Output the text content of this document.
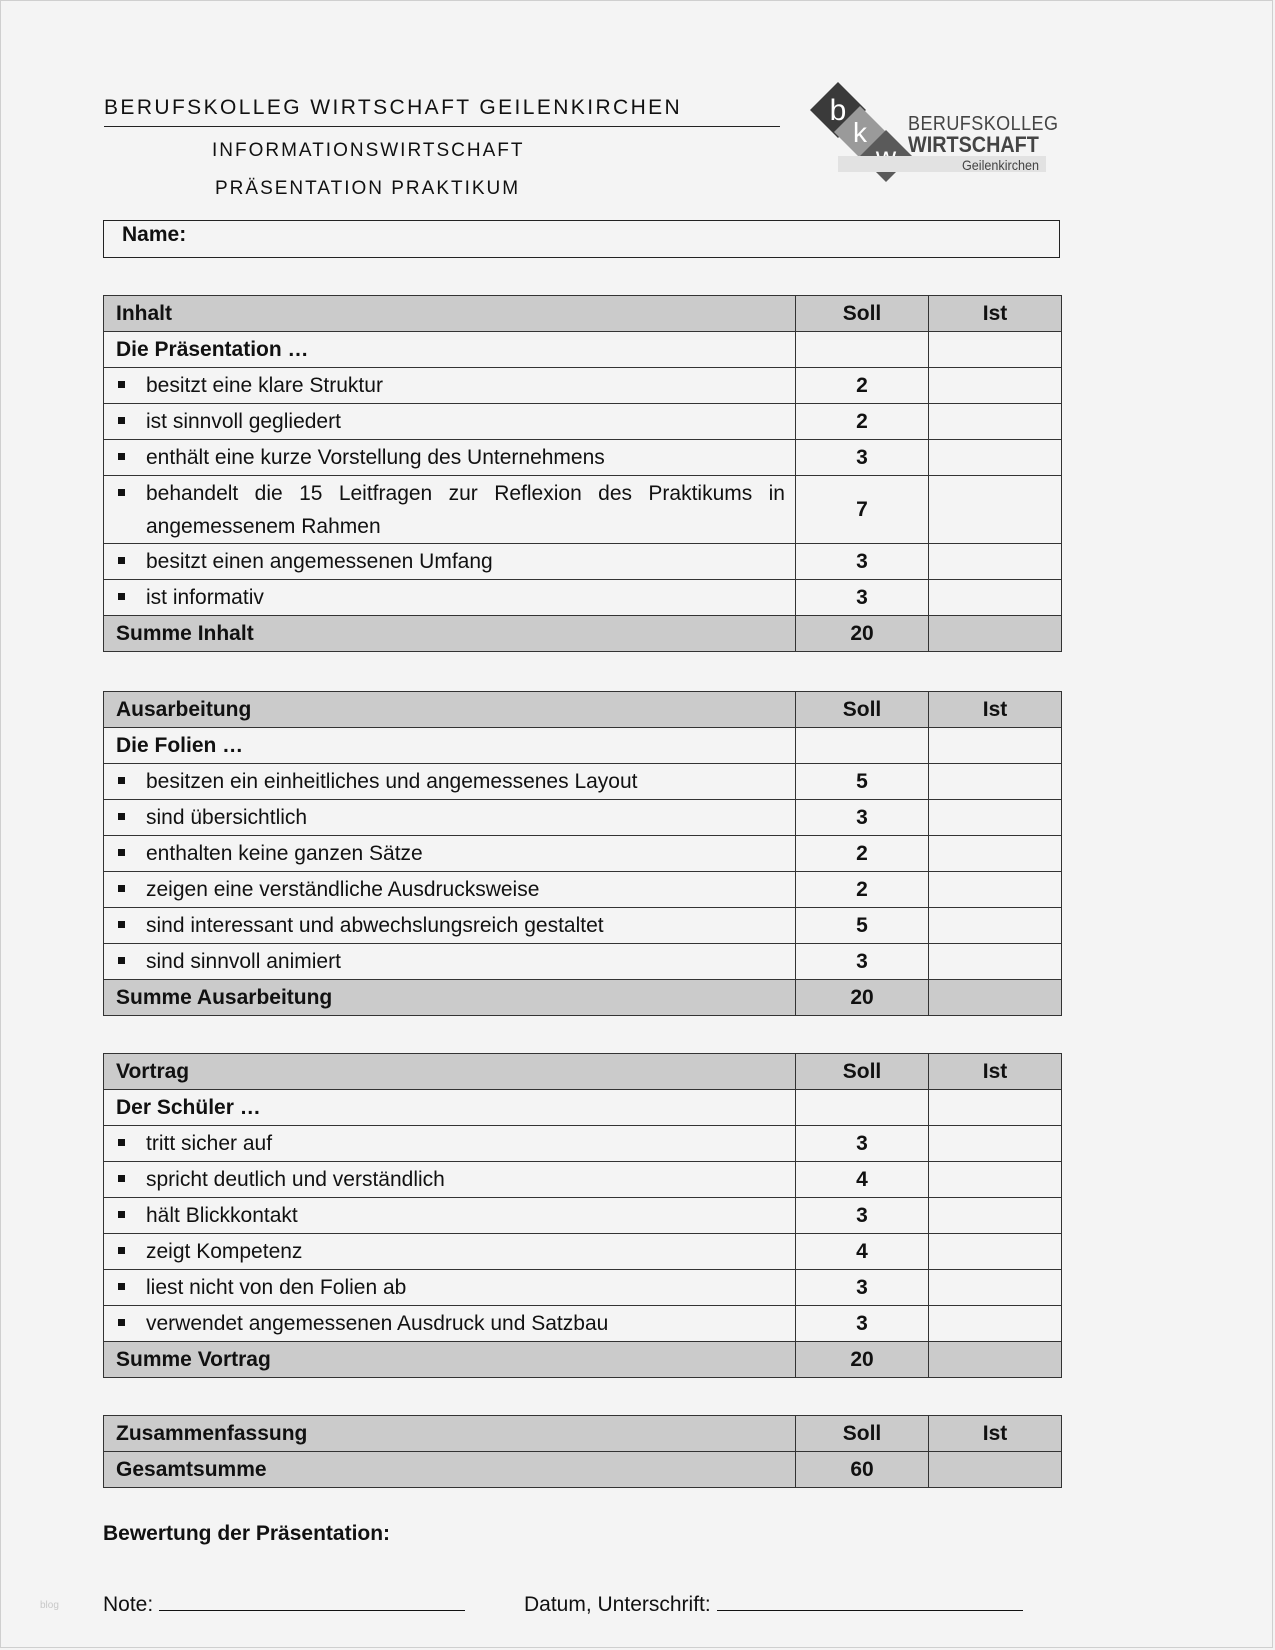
BERUFSKOLLEG WIRTSCHAFT GEILENKIRCHEN

INFORMATIONSWIRTSCHAFT

PRÄSENTATION PRAKTIKUM

b
k BERUFSKOLLEG
WIRTSCHAFT
Geilenkirchen
Name:
Inhalt	Soll	Ist
Die Präsentation …		

besitzt eine klare Struktur	2	

ist sinnvoll gegliedert	2	

enthält eine kurze Vorstellung des Unternehmens	3	

behandelt die 15 Leitfragen zur Reflexion des Praktikums in angemessenem Rahmen	7	

besitzt einen angemessenen Umfang	3	

ist informativ	3	
Summe Inhalt	20	
Ausarbeitung	Soll	Ist
Die Folien …		

besitzen ein einheitliches und angemessenes Layout	5	

sind übersichtlich	3	

enthalten keine ganzen Sätze	2	

zeigen eine verständliche Ausdrucksweise	2	

sind interessant und abwechslungsreich gestaltet	5	

sind sinnvoll animiert	3	
Summe Ausarbeitung	20	
Vortrag	Soll	Ist
Der Schüler …		

tritt sicher auf	3	

spricht deutlich und verständlich	4	

hält Blickkontakt	3	

zeigt Kompetenz	4	

liest nicht von den Folien ab	3	

verwendet angemessenen Ausdruck und Satzbau	3	
Summe Vortrag	20	
Zusammenfassung	Soll	Ist
Gesamtsumme	60	
Bewertung der Präsentation:
Note:	Datum, Unterschrift:
blog
